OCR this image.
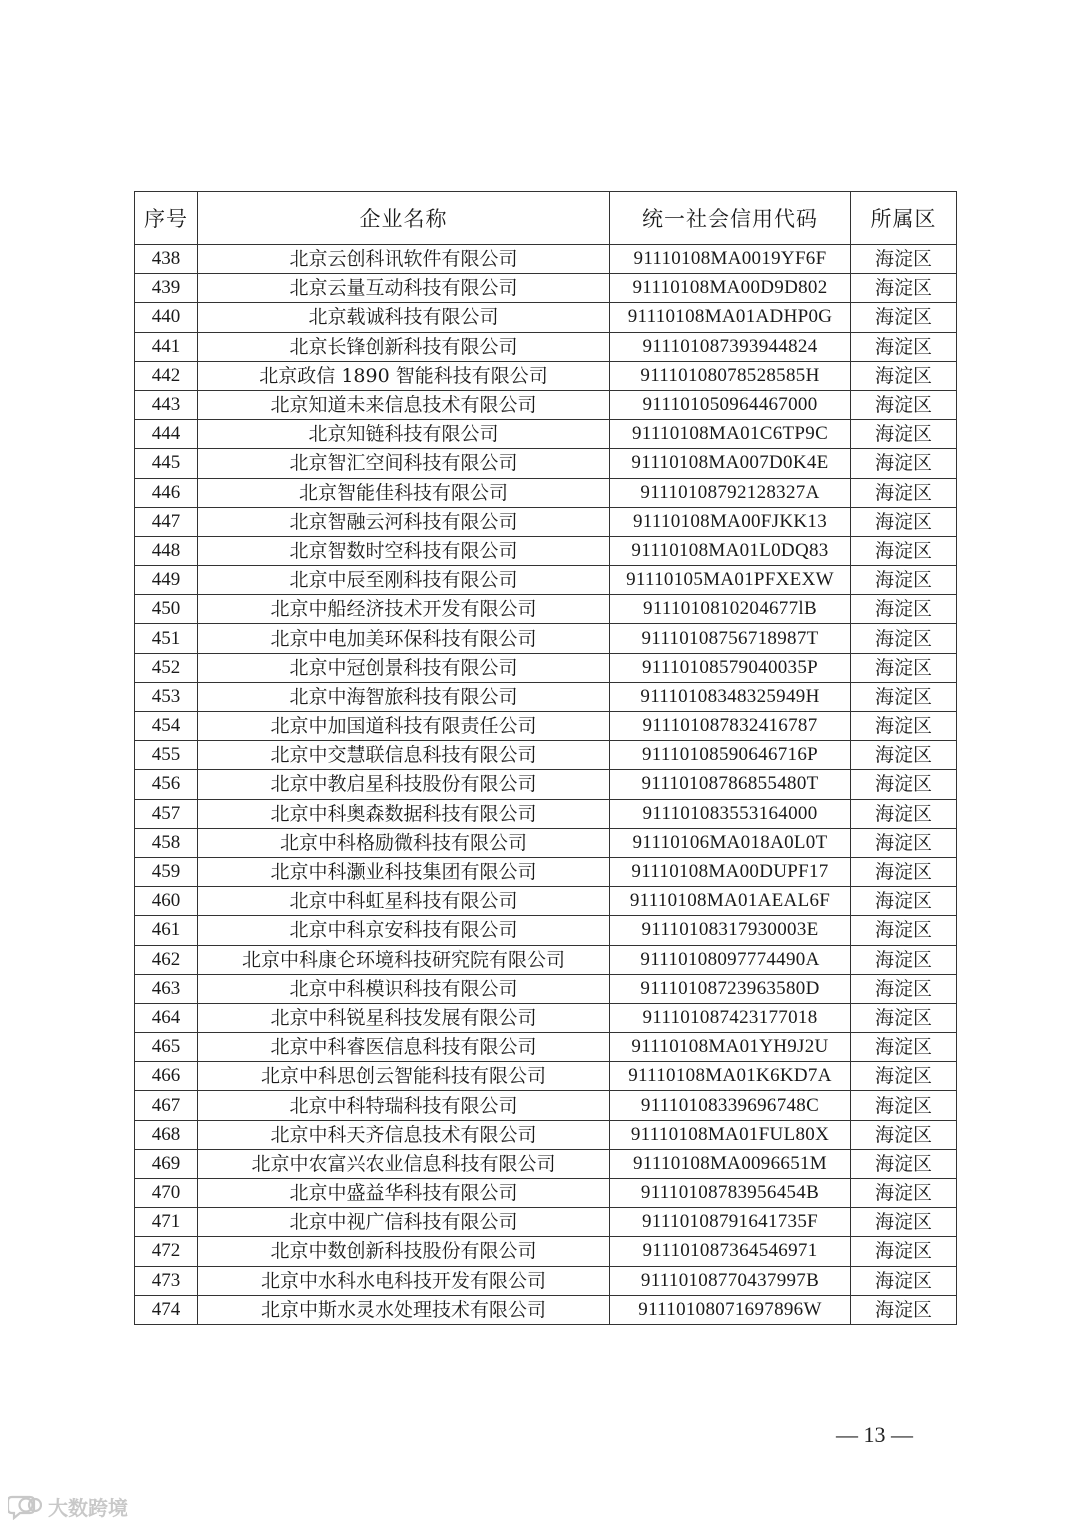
序号	企业名称	统一社会信用代码	所属区
438	北京云创科讯软件有限公司	91110108MA0019YF6F	海淀区
439	北京云量互动科技有限公司	91110108MA00D9D802	海淀区
440	北京载诚科技有限公司	91110108MA01ADHP0G	海淀区
441	北京长锋创新科技有限公司	911101087393944824	海淀区
442	北京政信 1890 智能科技有限公司	91110108078528585H	海淀区
443	北京知道未来信息技术有限公司	911101050964467000	海淀区
444	北京知链科技有限公司	91110108MA01C6TP9C	海淀区
445	北京智汇空间科技有限公司	91110108MA007D0K4E	海淀区
446	北京智能佳科技有限公司	91110108792128327A	海淀区
447	北京智融云河科技有限公司	91110108MA00FJKK13	海淀区
448	北京智数时空科技有限公司	91110108MA01L0DQ83	海淀区
449	北京中辰至刚科技有限公司	91110105MA01PFXEXW	海淀区
450	北京中船经济技术开发有限公司	9111010810204677lB	海淀区
451	北京中电加美环保科技有限公司	91110108756718987T	海淀区
452	北京中冠创景科技有限公司	91110108579040035P	海淀区
453	北京中海智旅科技有限公司	91110108348325949H	海淀区
454	北京中加国道科技有限责任公司	911101087832416787	海淀区
455	北京中交慧联信息科技有限公司	91110108590646716P	海淀区
456	北京中教启星科技股份有限公司	91110108786855480T	海淀区
457	北京中科奥森数据科技有限公司	911101083553164000	海淀区
458	北京中科格励微科技有限公司	91110106MA018A0L0T	海淀区
459	北京中科灏业科技集团有限公司	91110108MA00DUPF17	海淀区
460	北京中科虹星科技有限公司	91110108MA01AEAL6F	海淀区
461	北京中科京安科技有限公司	91110108317930003E	海淀区
462	北京中科康仑环境科技研究院有限公司	91110108097774490A	海淀区
463	北京中科模识科技有限公司	91110108723963580D	海淀区
464	北京中科锐星科技发展有限公司	911101087423177018	海淀区
465	北京中科睿医信息科技有限公司	91110108MA01YH9J2U	海淀区
466	北京中科思创云智能科技有限公司	91110108MA01K6KD7A	海淀区
467	北京中科特瑞科技有限公司	91110108339696748C	海淀区
468	北京中科天齐信息技术有限公司	91110108MA01FUL80X	海淀区
469	北京中农富兴农业信息科技有限公司	91110108MA0096651M	海淀区
470	北京中盛益华科技有限公司	91110108783956454B	海淀区
471	北京中视广信科技有限公司	91110108791641735F	海淀区
472	北京中数创新科技股份有限公司	911101087364546971	海淀区
473	北京中水科水电科技开发有限公司	91110108770437997B	海淀区
474	北京中斯水灵水处理技术有限公司	91110108071697896W	海淀区
— 13 —
大数跨境
